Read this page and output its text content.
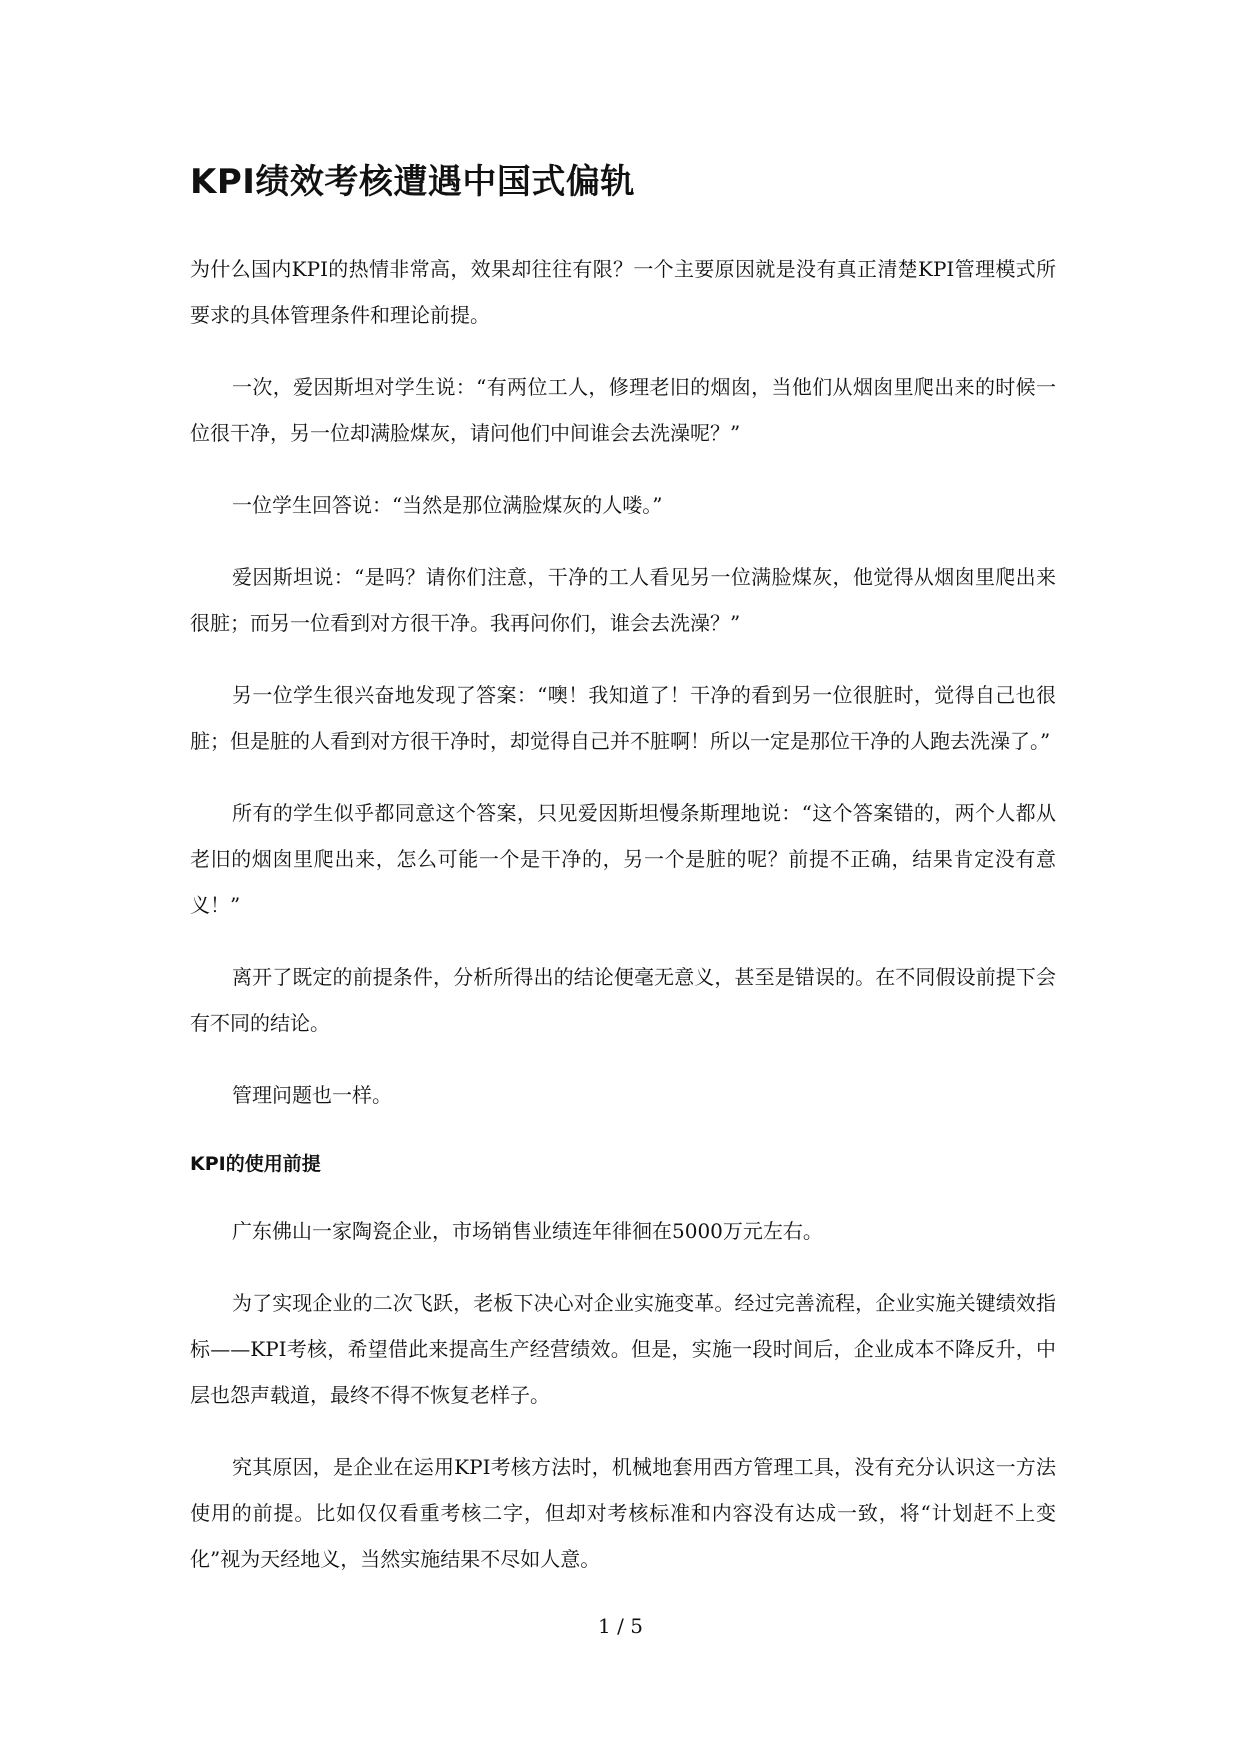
KPI绩效考核遭遇中国式偏轨

为什么国内KPI的热情非常高，效果却往往有限？一个主要原因就是没有真正清楚KPI管理模式所要求的具体管理条件和理论前提。

一次，爱因斯坦对学生说：“有两位工人，修理老旧的烟囱，当他们从烟囱里爬出来的时候一位很干净，另一位却满脸煤灰，请问他们中间谁会去洗澡呢？”

一位学生回答说：“当然是那位满脸煤灰的人喽。”

爱因斯坦说：“是吗？请你们注意，干净的工人看见另一位满脸煤灰，他觉得从烟囱里爬出来很脏；而另一位看到对方很干净。我再问你们，谁会去洗澡？”

另一位学生很兴奋地发现了答案：“噢！我知道了！干净的看到另一位很脏时，觉得自己也很脏；但是脏的人看到对方很干净时，却觉得自己并不脏啊！所以一定是那位干净的人跑去洗澡了。”

所有的学生似乎都同意这个答案，只见爱因斯坦慢条斯理地说：“这个答案错的，两个人都从老旧的烟囱里爬出来，怎么可能一个是干净的，另一个是脏的呢？前提不正确，结果肯定没有意义！”

离开了既定的前提条件，分析所得出的结论便毫无意义，甚至是错误的。在不同假设前提下会有不同的结论。

管理问题也一样。

KPI的使用前提

广东佛山一家陶瓷企业，市场销售业绩连年徘徊在5000万元左右。

为了实现企业的二次飞跃，老板下决心对企业实施变革。经过完善流程，企业实施关键绩效指标——KPI考核，希望借此来提高生产经营绩效。但是，实施一段时间后，企业成本不降反升，中层也怨声载道，最终不得不恢复老样子。

究其原因，是企业在运用KPI考核方法时，机械地套用西方管理工具，没有充分认识这一方法使用的前提。比如仅仅看重考核二字，但却对考核标准和内容没有达成一致，将“计划赶不上变化”视为天经地义，当然实施结果不尽如人意。

1 / 5
